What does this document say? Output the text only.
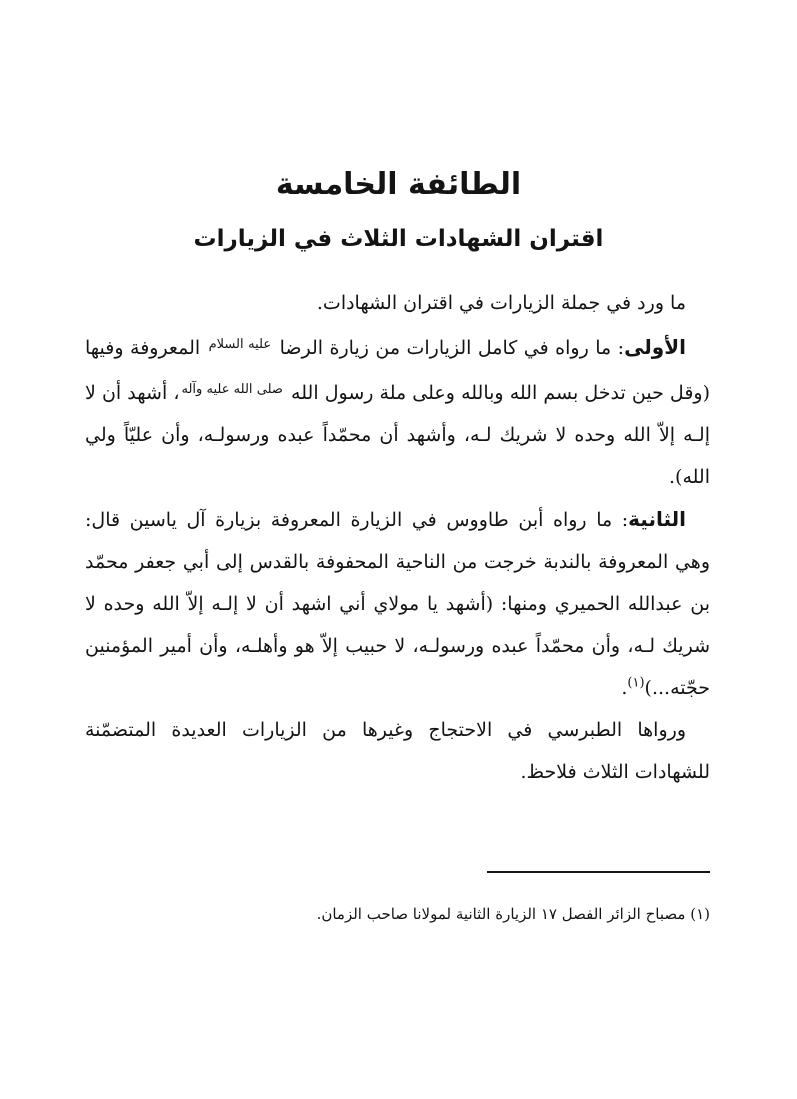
الطائفة الخامسة
اقتران الشهادات الثلاث في الزيارات

ما ورد في جملة الزيارات في اقتران الشهادات.

الأولى: ما رواه في كامل الزيارات من زيارة الرضا $^{عليه السلام}$ المعروفة وفيها (وقل حين تدخل بسم الله وبالله وعلى ملة رسول الله $^{صلى الله عليه وآله}$، أشهد أن لا إلـه إلاّ الله وحده لا شريك لـه، وأشهد أن محمّداً عبده ورسولـه، وأن عليّاً ولي الله).

الثانية: ما رواه أبن طاووس في الزيارة المعروفة بزيارة آل ياسين قال: وهي المعروفة بالندبة خرجت من الناحية المحفوفة بالقدس إلى أبي جعفر محمّد بن عبدالله الحميري ومنها: (أشهد يا مولاي أني اشهد أن لا إلـه إلاّ الله وحده لا شريك لـه، وأن محمّداً عبده ورسولـه، لا حبيب إلاّ هو وأهلـه، وأن أمير المؤمنين حجّته...)$^{(١)}$.

ورواها الطبرسي في الاحتجاج وغيرها من الزيارات العديدة المتضمّنة للشهادات الثلاث فلاحظ.

(١) مصباح الزائر الفصل ١٧ الزيارة الثانية لمولانا صاحب الزمان.
